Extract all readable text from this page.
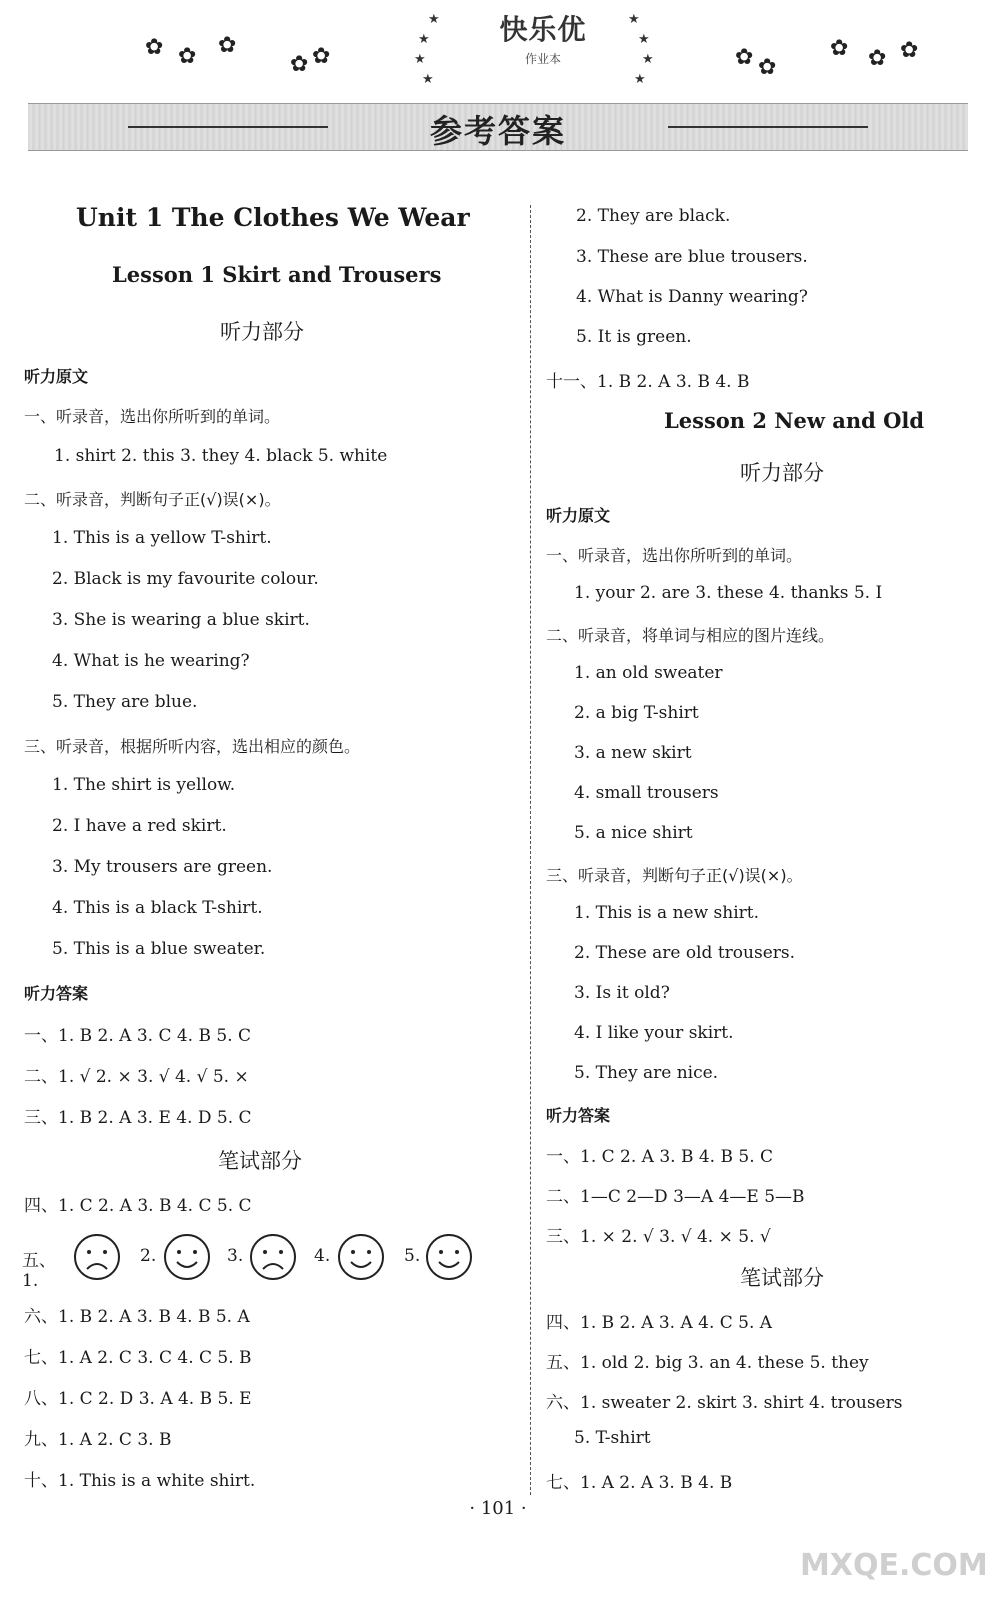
✿ ✿ ✿
✿ ✿	✿ ✿
✿ ✿ ✿
★
★
★
★
★
★
★
★
快乐优
作业本
参考答案
Unit 1 The Clothes We Wear
Lesson 1 Skirt and Trousers
听力部分
听力原文
一、听录音，选出你所听到的单词。
1. shirt 2. this 3. they 4. black 5. white
二、听录音，判断句子正(√)误(×)。
1. This is a yellow T-shirt.
2. Black is my favourite colour.
3. She is wearing a blue skirt.
4. What is he wearing?
5. They are blue.
三、听录音，根据所听内容，选出相应的颜色。
1. The shirt is yellow.
2. I have a red skirt.
3. My trousers are green.
4. This is a black T-shirt.
5. This is a blue sweater.
听力答案
一、1. B 2. A 3. C 4. B 5. C
二、1. √ 2. × 3. √ 4. √ 5. ×
三、1. B 2. A 3. E 4. D 5. C
笔试部分
四、1. C 2. A 3. B 4. C 5. C
五、1.
2.	3.	4.	5.
六、1. B 2. A 3. B 4. B 5. A
七、1. A 2. C 3. C 4. C 5. B
八、1. C 2. D 3. A 4. B 5. E
九、1. A 2. C 3. B
十、1. This is a white shirt.
2. They are black.
3. These are blue trousers.
4. What is Danny wearing?
5. It is green.
十一、1. B 2. A 3. B 4. B
Lesson 2 New and Old
听力部分
听力原文
一、听录音，选出你所听到的单词。
1. your 2. are 3. these 4. thanks 5. I
二、听录音，将单词与相应的图片连线。
1. an old sweater
2. a big T-shirt
3. a new skirt
4. small trousers
5. a nice shirt
三、听录音，判断句子正(√)误(×)。
1. This is a new shirt.
2. These are old trousers.
3. Is it old?
4. I like your skirt.
5. They are nice.
听力答案
一、1. C 2. A 3. B 4. B 5. C
二、1—C 2—D 3—A 4—E 5—B
三、1. × 2. √ 3. √ 4. × 5. √
笔试部分
四、1. B 2. A 3. A 4. C 5. A
五、1. old 2. big 3. an 4. these 5. they
六、1. sweater 2. skirt 3. shirt 4. trousers
5. T-shirt
七、1. A 2. A 3. B 4. B
· 101 ·
MXQE.COM
